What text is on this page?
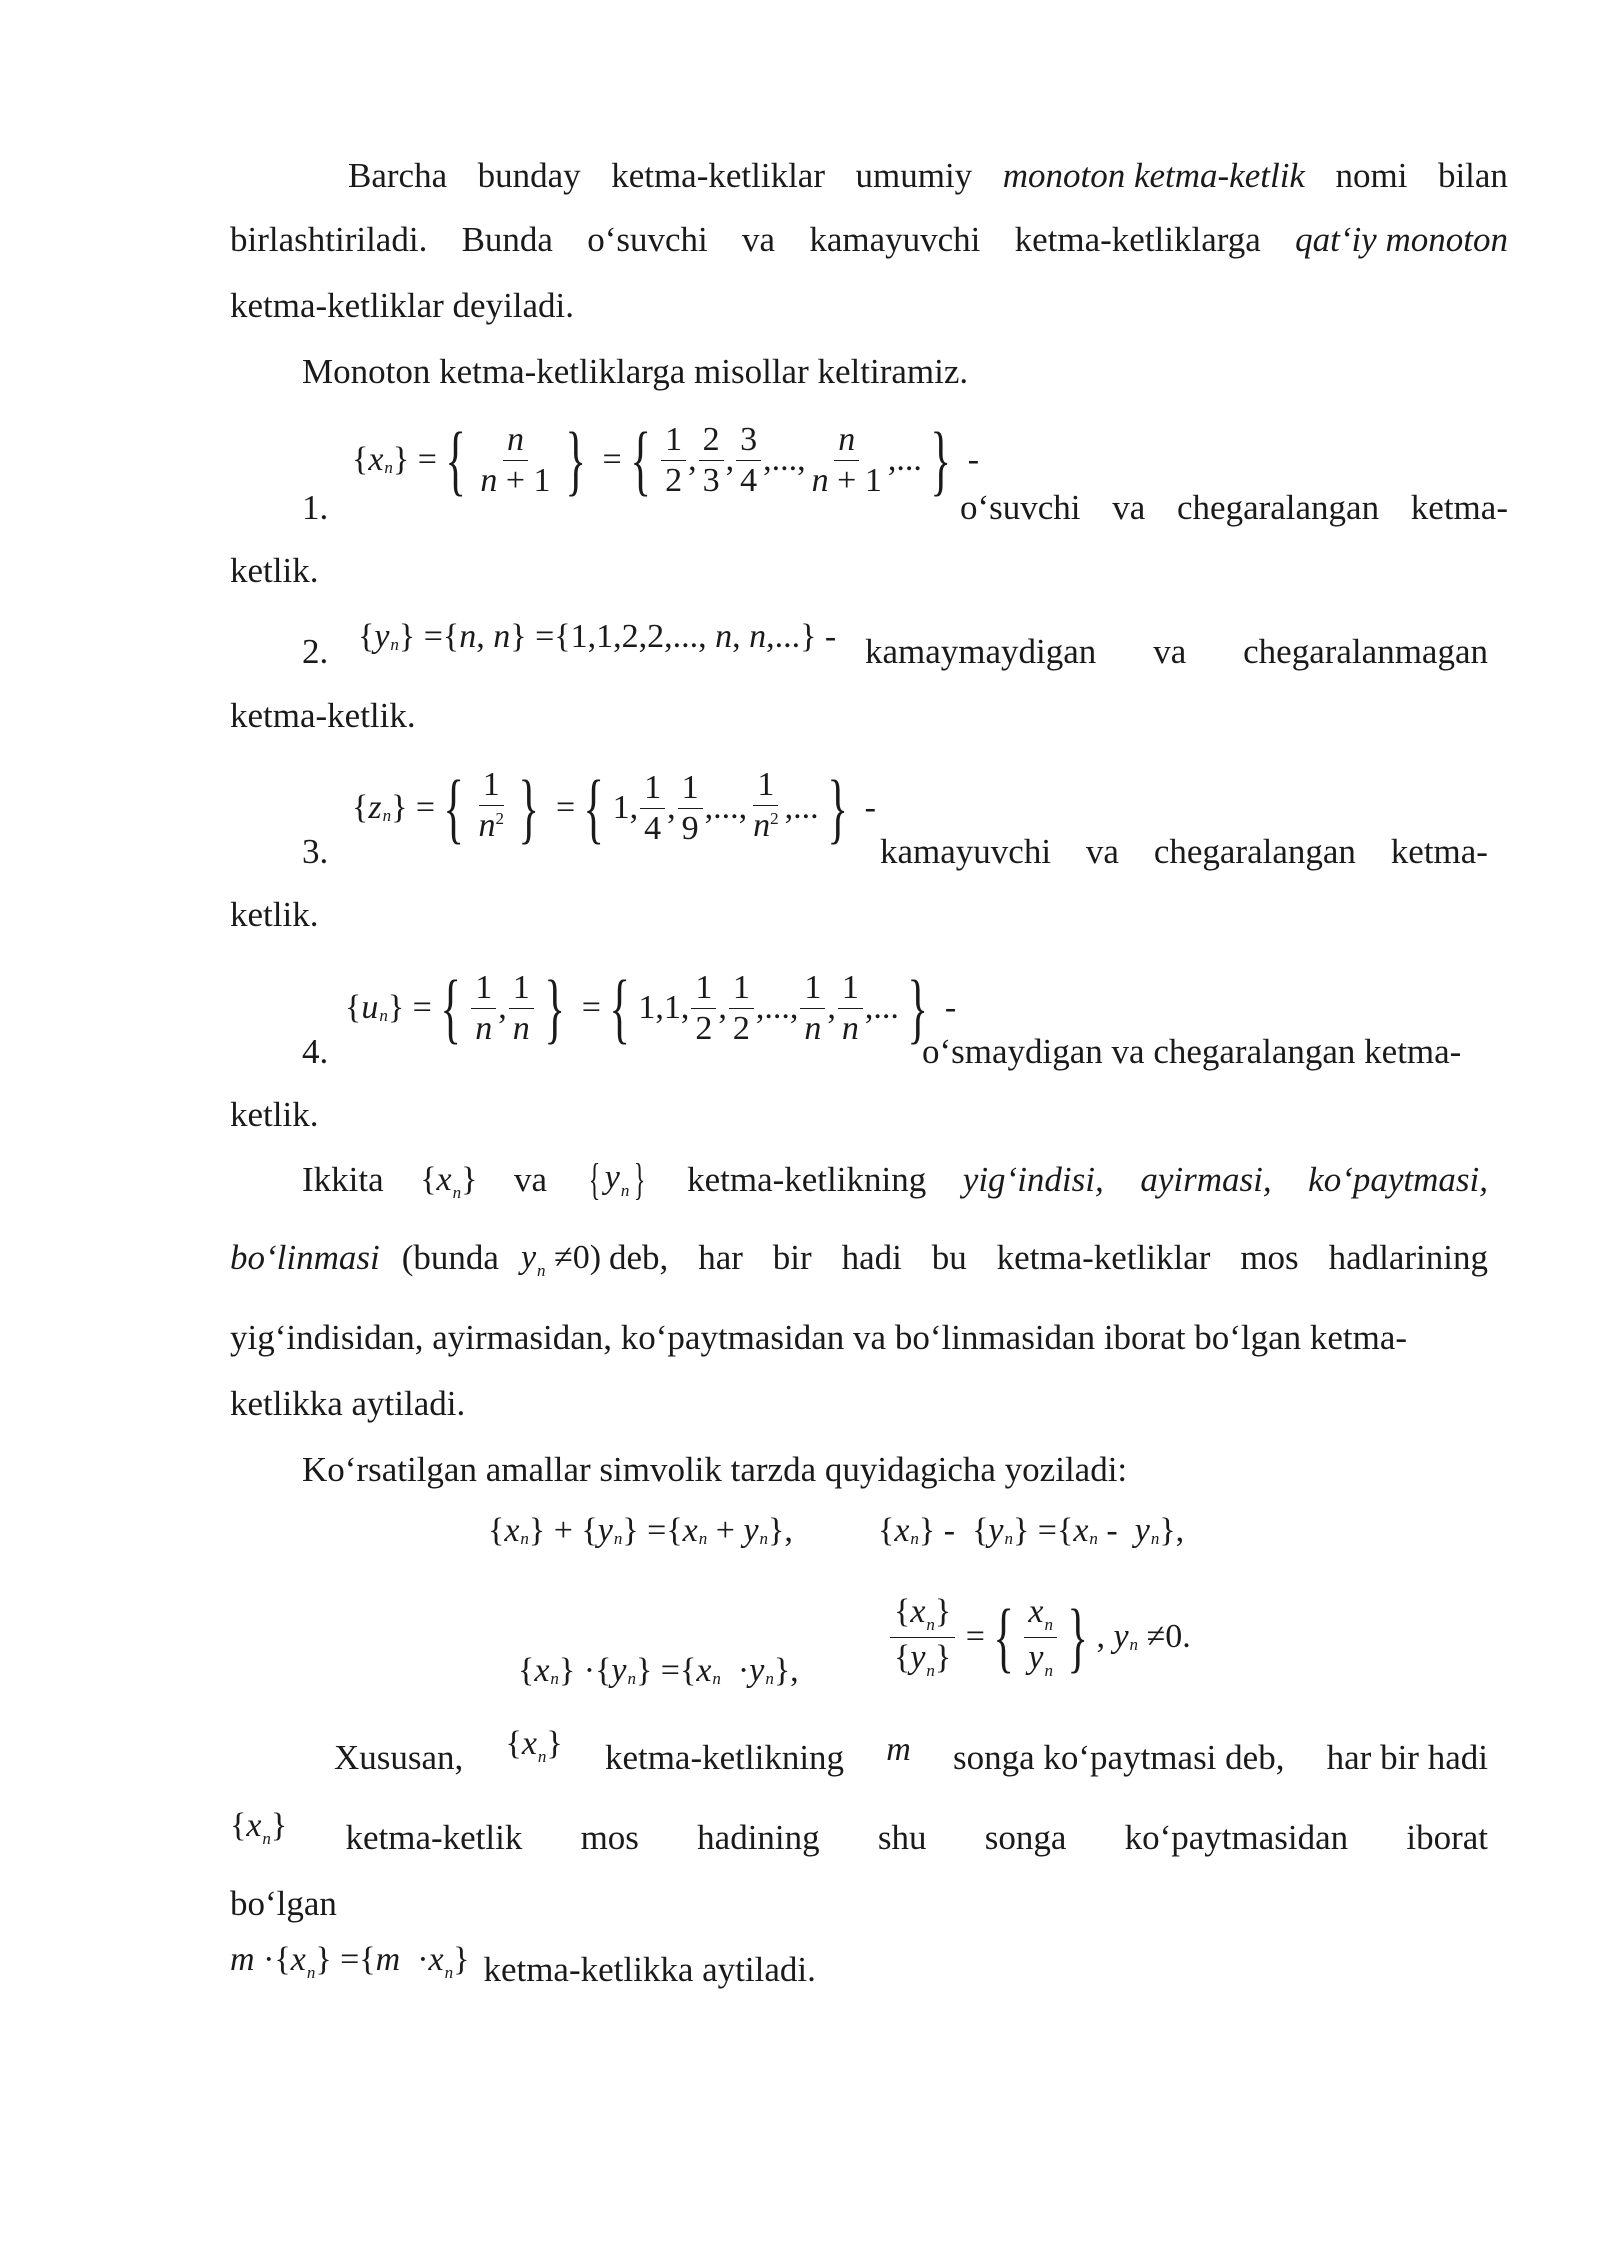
Barcha bunday ketma-ketliklar umumiy monoton ketma-ketlik nomi bilan
birlashtiriladi. Bunda o‘suvchi va kamayuvchi ketma-ketliklarga qat‘iy monoton
ketma-ketliklar deyiladi.
Monoton ketma-ketliklarga misollar keltiramiz.
1.
{ x n } = { $\frac{n}{n + 1}$ } = { $\frac{1}{2}$ , $\frac{2}{3}$ , $\frac{3}{4}$ ,..., $\frac{n}{n + 1}$ ,... } -
o‘suvchi va chegaralangan ketma-
ketlik.
2. { y n } ={ n , n } ={1,1,2,2,..., n , n ,...} - kamaymaydigan va chegaralanmagan
ketma-ketlik.
3.
{ z n } = { $\frac{1}{n^2}$ } = { 1, $\frac{1}{4}$ , $\frac{1}{9}$ ,..., $\frac{1}{n^2}$ ,... } -
kamayuvchi va chegaralangan ketma-
ketlik.
4.
{ u n } = { $\frac{1}{n}$ , $\frac{1}{n}$ } = { 1,1, $\frac{1}{2}$ , $\frac{1}{2}$ ,..., $\frac{1}{n}$ , $\frac{1}{n}$ ,... } -
o‘smaydigan va chegaralangan ketma-
ketlik.
Ikkita $\{x_n\}$ va { $y_n$ } ketma-ketlikning yig‘indisi, ayirmasi, ko‘paytmasi,
bo‘linmasi (bunda $y_n \ne 0$) deb, har bir hadi bu ketma-ketliklar mos hadlarining
yig‘indisidan, ayirmasidan, ko‘paytmasidan va bo‘linmasidan iborat bo‘lgan ketma-
ketlikka aytiladi.
Ko‘rsatilgan amallar simvolik tarzda quyidagicha yoziladi:
{ x n } + { y n } ={ x n + y n },	{ x n } -  { y n } ={ x n - y n },
{ x n } ·{ y n } ={ x n · y n },	$\frac{\{x_n\}}{\{y_n\}}$ = { $\frac{x_n}{y_n}$ } , y n ≠0.
Xususan, $\{x_n\}$ ketma-ketlikning m songa ko‘paytmasi deb, har bir hadi
$\{x_n\}$ ketma-ketlik mos hadining shu songa ko‘paytmasidan iborat
bo‘lgan
$m \cdot\{x_n\} =\{m \cdot x_n\}$ ketma-ketlikka aytiladi.
